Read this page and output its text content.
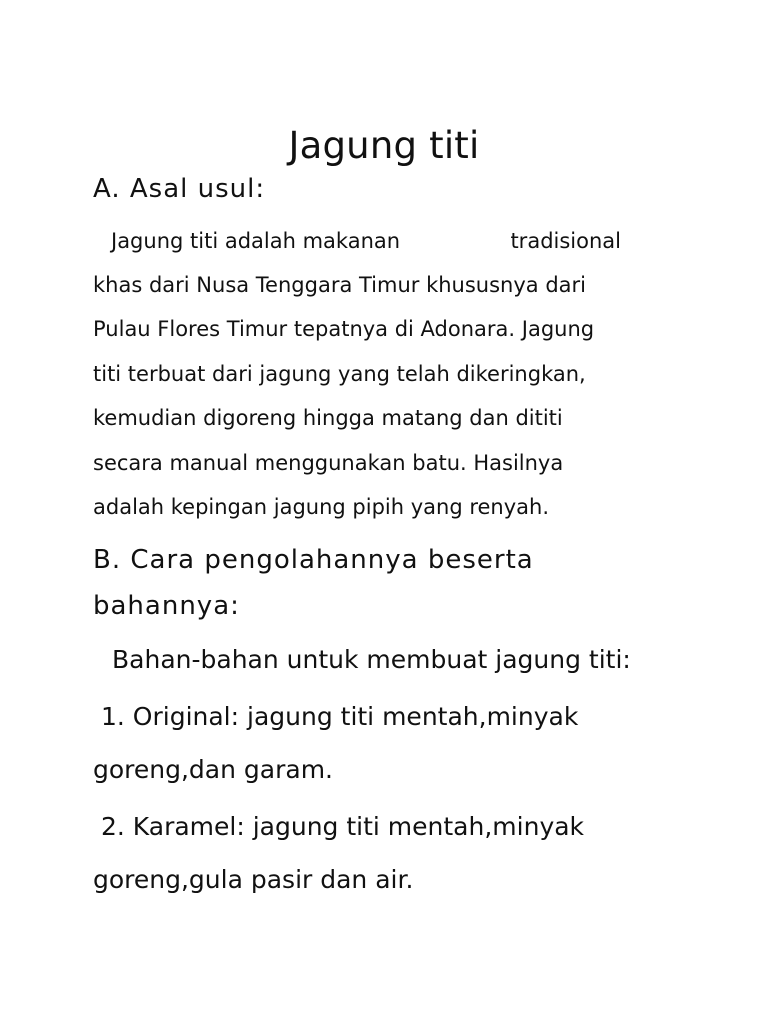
Jagung titi
A. Asal usul:
Jagung titi adalah makanan	tradisional
khas dari Nusa Tenggara Timur khususnya dari
Pulau Flores Timur tepatnya di Adonara. Jagung
titi terbuat dari jagung yang telah dikeringkan,
kemudian digoreng hingga matang dan dititi
secara manual menggunakan batu. Hasilnya
adalah kepingan jagung pipih yang renyah.
B. Cara pengolahannya beserta bahannya:
Bahan-bahan untuk membuat jagung titi:
1. Original: jagung titi mentah,minyak
goreng,dan garam.
2. Karamel: jagung titi mentah,minyak
goreng,gula pasir dan air.
